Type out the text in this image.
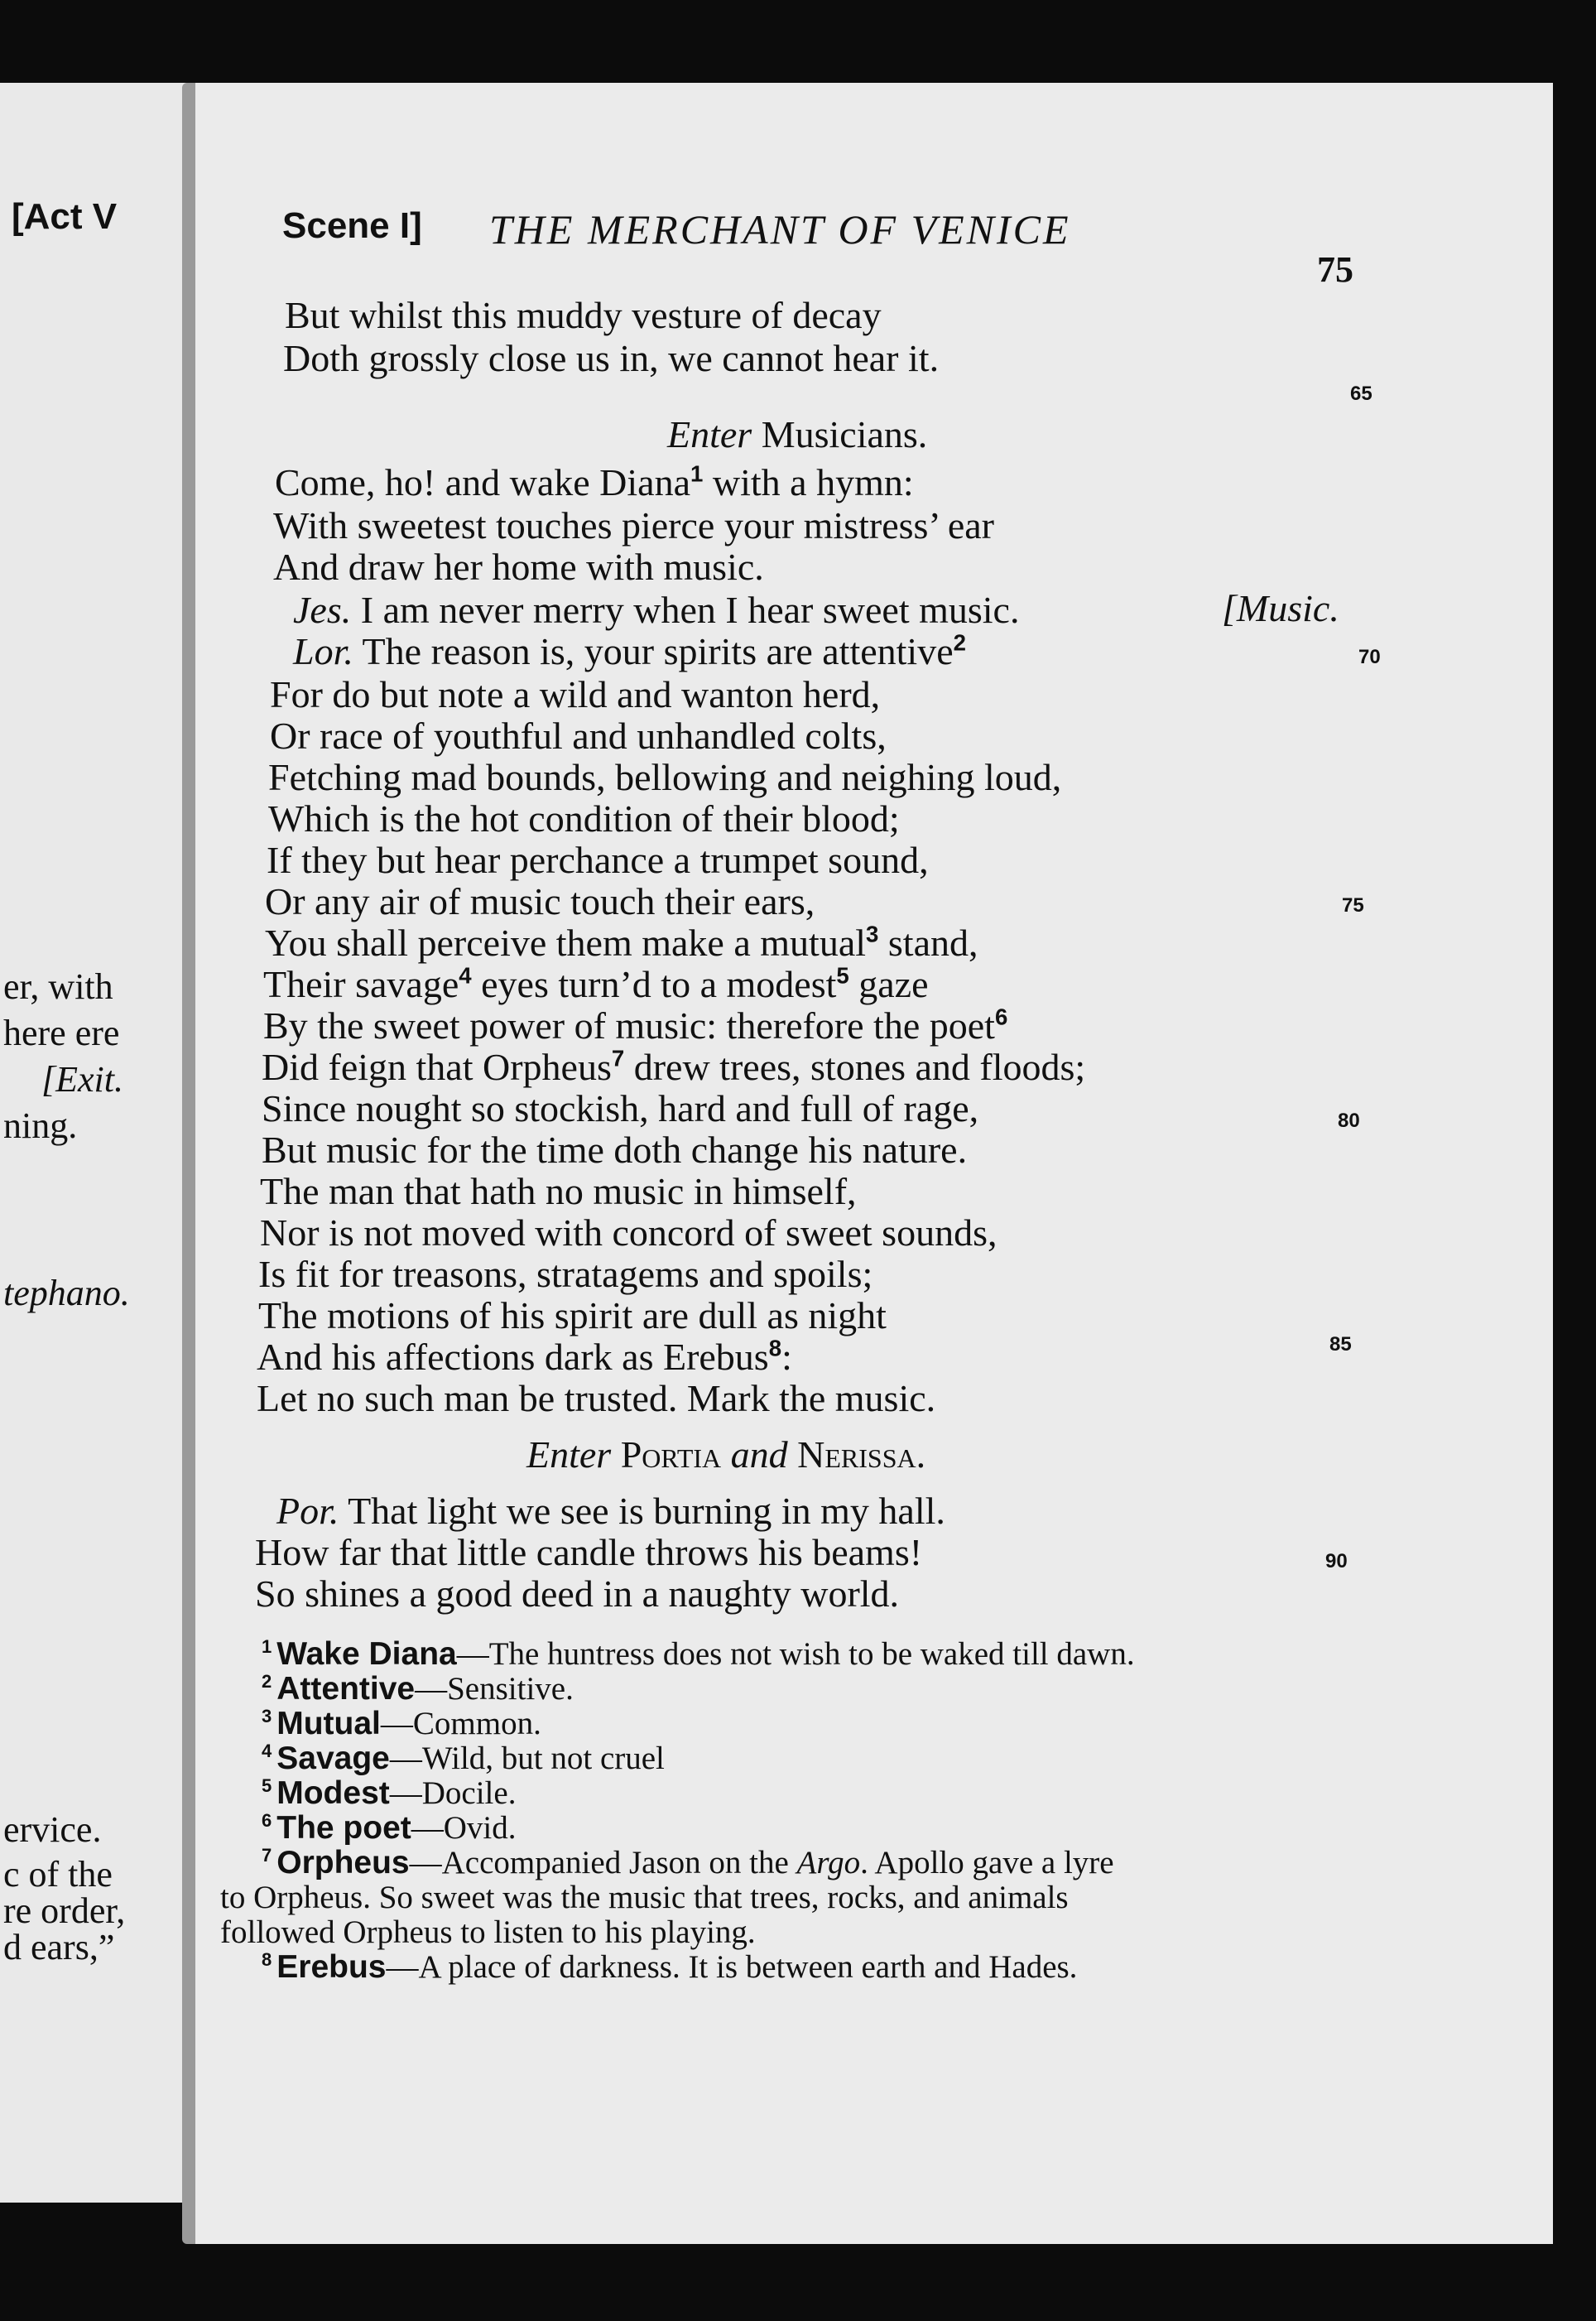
[Act V
er, with
here ere
[Exit.
ning.
tephano.
ervice.
c of the
re order,
d ears,”
Scene I] THE MERCHANT OF VENICE
75
But whilst this muddy vesture of decay
Doth grossly close us in, we cannot hear it.
65
Enter Musicians.
Come, ho! and wake Diana$^1$ with a hymn:
With sweetest touches pierce your mistress’ ear
And draw her home with music.
Jes. I am never merry when I hear sweet music.	[Music.
Lor. The reason is, your spirits are attentive$^2$
70
For do but note a wild and wanton herd,
Or race of youthful and unhandled colts,
Fetching mad bounds, bellowing and neighing loud,
Which is the hot condition of their blood;
If they but hear perchance a trumpet sound,
75
Or any air of music touch their ears,
You shall perceive them make a mutual$^3$ stand,
Their savage$^4$ eyes turn’d to a modest$^5$ gaze
By the sweet power of music: therefore the poet$^6$
Did feign that Orpheus$^7$ drew trees, stones and floods;
80
Since nought so stockish, hard and full of rage,
But music for the time doth change his nature.
The man that hath no music in himself,
Nor is not moved with concord of sweet sounds,
Is fit for treasons, stratagems and spoils;
The motions of his spirit are dull as night
85
And his affections dark as Erebus$^8$:
Let no such man be trusted. Mark the music.
Enter Portia and Nerissa.
Por. That light we see is burning in my hall.
How far that little candle throws his beams!	90
So shines a good deed in a naughty world.
$^1$ Wake Diana—The huntress does not wish to be waked till dawn.
$^2$ Attentive—Sensitive.
$^3$ Mutual—Common.
$^4$ Savage—Wild, but not cruel
$^5$ Modest—Docile.
$^6$ The poet—Ovid.
$^7$ Orpheus—Accompanied Jason on the Argo. Apollo gave a lyre
to Orpheus. So sweet was the music that trees, rocks, and animals
followed Orpheus to listen to his playing.
$^8$ Erebus—A place of darkness. It is between earth and Hades.
